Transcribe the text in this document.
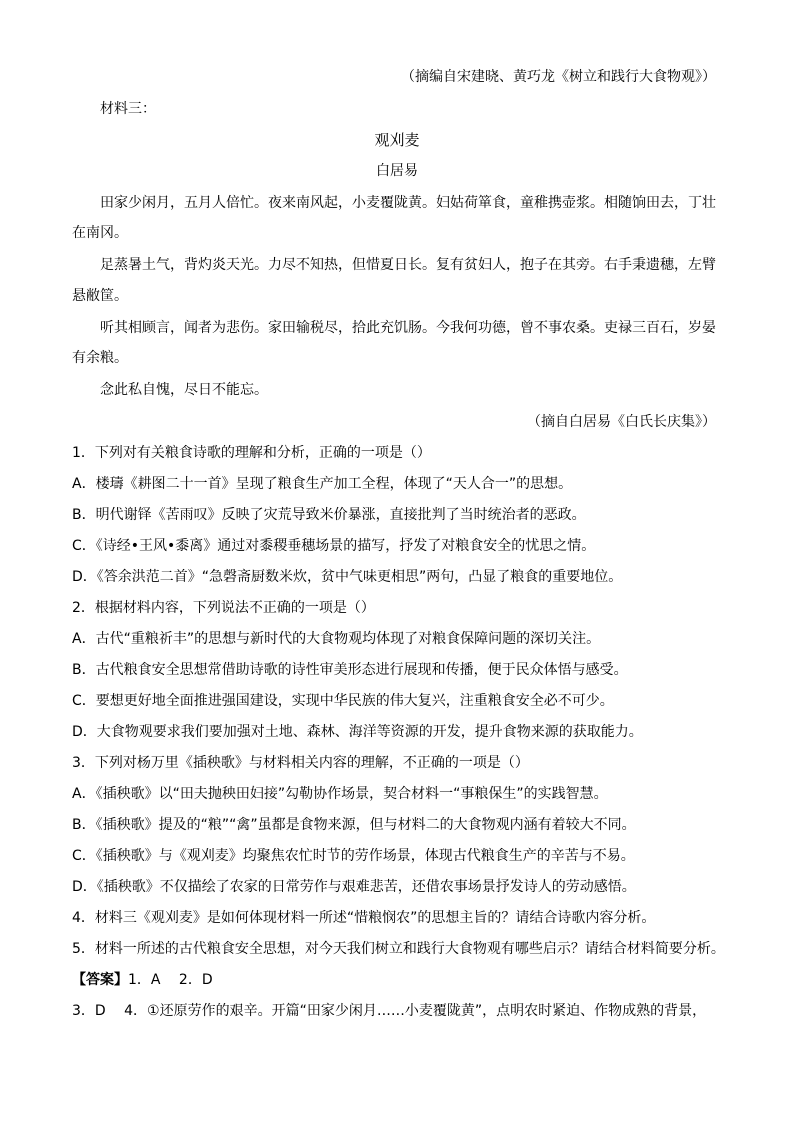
（摘编自宋建晓、黄巧龙《树立和践行大食物观》）
材料三：
观刈麦
白居易
田家少闲月，五月人倍忙。夜来南风起，小麦覆陇黄。妇姑荷箪食，童稚携壶浆。相随饷田去，丁壮
在南冈。
足蒸暑土气，背灼炎天光。力尽不知热，但惜夏日长。复有贫妇人，抱子在其旁。右手秉遗穗，左臂
悬敝筐。
听其相顾言，闻者为悲伤。家田输税尽，拾此充饥肠。今我何功德，曾不事农桑。吏禄三百石，岁晏
有余粮。
念此私自愧，尽日不能忘。
（摘自白居易《白氏长庆集》）
1．下列对有关粮食诗歌的理解和分析，正确的一项是（）
A．楼璹《耕图二十一首》呈现了粮食生产加工全程，体现了“天人合一”的思想。
B．明代谢铎《苦雨叹》反映了灾荒导致米价暴涨，直接批判了当时统治者的恶政。
C．《诗经•王风•黍离》通过对黍稷垂穗场景的描写，抒发了对粮食安全的忧思之情。
D．《答余洪范二首》“急磬斋厨数米炊，贫中气味更相思”两句，凸显了粮食的重要地位。
2．根据材料内容，下列说法不正确的一项是（）
A．古代“重粮祈丰”的思想与新时代的大食物观均体现了对粮食保障问题的深切关注。
B．古代粮食安全思想常借助诗歌的诗性审美形态进行展现和传播，便于民众体悟与感受。
C．要想更好地全面推进强国建设，实现中华民族的伟大复兴，注重粮食安全必不可少。
D．大食物观要求我们要加强对土地、森林、海洋等资源的开发，提升食物来源的获取能力。
3．下列对杨万里《插秧歌》与材料相关内容的理解，不正确的一项是（）
A．《插秧歌》以“田夫抛秧田妇接”勾勒协作场景，契合材料一“事粮保生”的实践智慧。
B．《插秧歌》提及的“粮”“禽”虽都是食物来源，但与材料二的大食物观内涵有着较大不同。
C．《插秧歌》与《观刈麦》均聚焦农忙时节的劳作场景，体现古代粮食生产的辛苦与不易。
D．《插秧歌》不仅描绘了农家的日常劳作与艰难悲苦，还借农事场景抒发诗人的劳动感悟。
4．材料三《观刈麦》是如何体现材料一所述“惜粮悯农”的思想主旨的？请结合诗歌内容分析。
5．材料一所述的古代粮食安全思想，对今天我们树立和践行大食物观有哪些启示？请结合材料简要分析。
【答案】1．A　 2．D
3．D　 4．①还原劳作的艰辛。开篇“田家少闲月……小麦覆陇黄”，点明农时紧迫、作物成熟的背景，
